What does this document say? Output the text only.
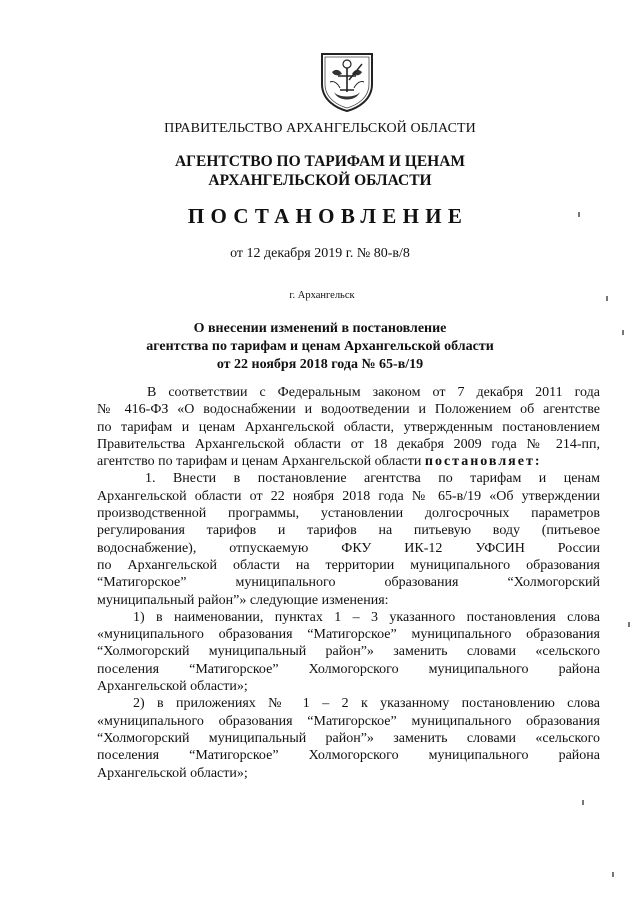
ПРАВИТЕЛЬСТВО АРХАНГЕЛЬСКОЙ ОБЛАСТИ
АГЕНТСТВО ПО ТАРИФАМ И ЦЕНАМ
АРХАНГЕЛЬСКОЙ ОБЛАСТИ
ПОСТАНОВЛЕНИЕ
от 12 декабря 2019 г. № 80-в/8
г. Архангельск
О внесении изменений в постановление
агентства по тарифам и ценам Архангельской области
от 22 ноября 2018 года № 65-в/19
В соответствии с Федеральным законом от 7 декабря 2011 года
№ 416-ФЗ «О водоснабжении и водоотведении и Положением об агентстве
по тарифам и ценам Архангельской области, утвержденным постановлением
Правительства Архангельской области от 18 декабря 2009 года № 214-пп,
агентство по тарифам и ценам Архангельской области постановляет:
1. Внести в постановление агентства по тарифам и ценам
Архангельской области от 22 ноября 2018 года № 65-в/19 «Об утверждении
производственной программы, установлении долгосрочных параметров
регулирования тарифов и тарифов на питьевую воду (питьевое
водоснабжение), отпускаемую ФКУ ИК-12 УФСИН России
по Архангельской области на территории муниципального образования
“Матигорское” муниципального образования “Холмогорский
муниципальный район”» следующие изменения:
1) в наименовании, пунктах 1 – 3 указанного постановления слова
«муниципального образования “Матигорское” муниципального образования
“Холмогорский муниципальный район”» заменить словами «сельского
поселения “Матигорское” Холмогорского муниципального района
Архангельской области»;
2) в приложениях № 1 – 2 к указанному постановлению слова
«муниципального образования “Матигорское” муниципального образования
“Холмогорский муниципальный район”» заменить словами «сельского
поселения “Матигорское” Холмогорского муниципального района
Архангельской области»;
